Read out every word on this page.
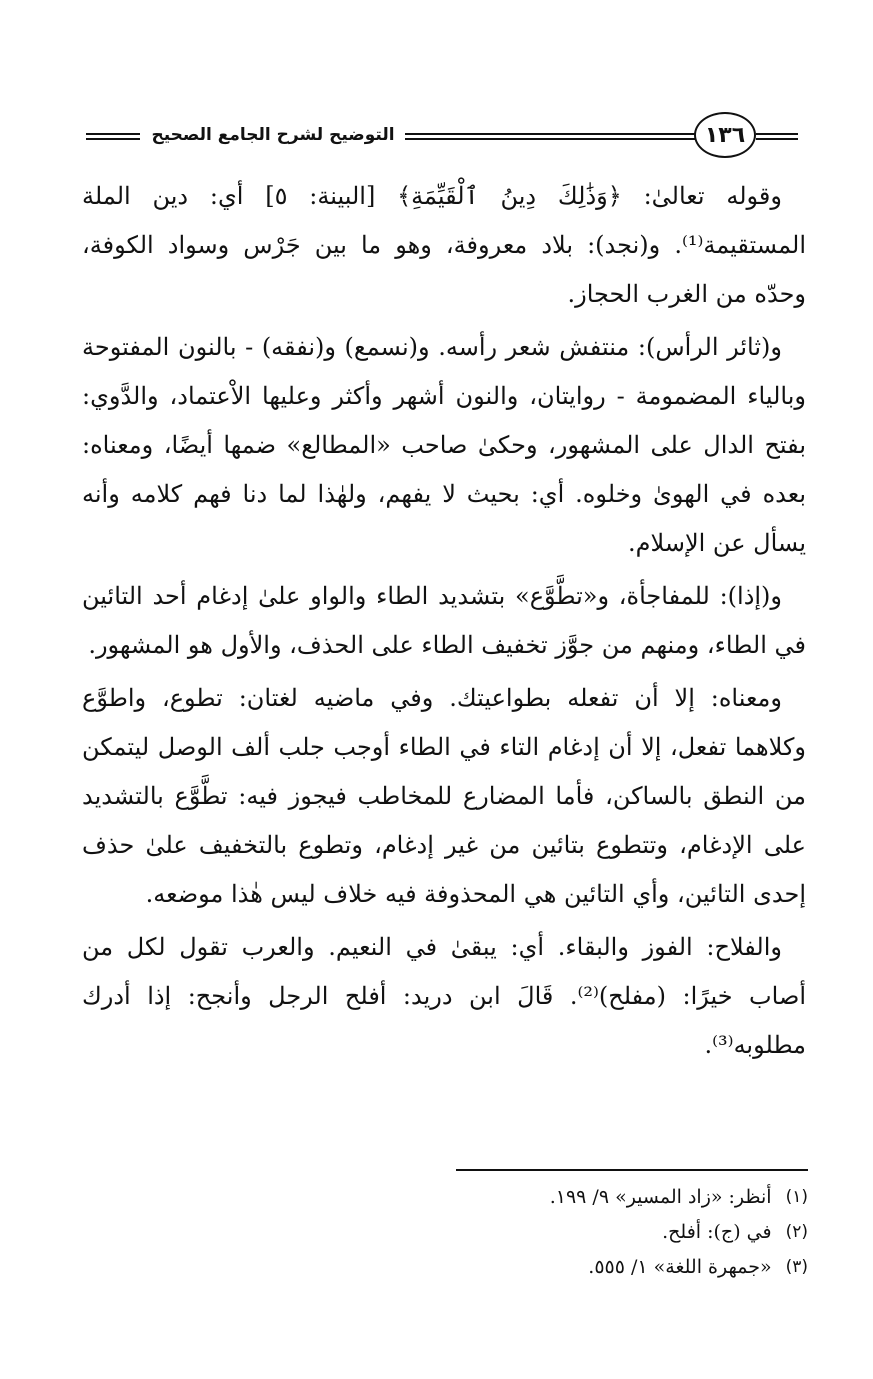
التوضيح لشرح الجامع الصحيح	١٣٦

وقوله تعالىٰ: ﴿وَذَٰلِكَ دِينُ ٱلْقَيِّمَةِ﴾ [البينة: ٥] أي: دين الملة المستقيمة⁽¹⁾. و(نجد): بلاد معروفة، وهو ما بين جَرْس وسواد الكوفة، وحدّه من الغرب الحجاز.

و(ثائر الرأس): منتفش شعر رأسه. و(نسمع) و(نفقه) - بالنون المفتوحة وبالياء المضمومة - روايتان، والنون أشهر وأكثر وعليها الاْعتماد، والدَّوي: بفتح الدال على المشهور، وحكىٰ صاحب «المطالع» ضمها أيضًا، ومعناه: بعده في الهوىٰ وخلوه. أي: بحيث لا يفهم، ولهٰذا لما دنا فهم كلامه وأنه يسأل عن الإسلام.

و(إذا): للمفاجأة، و«تطَّوَّع» بتشديد الطاء والواو علىٰ إدغام أحد التائين في الطاء، ومنهم من جوَّز تخفيف الطاء على الحذف، والأول هو المشهور.

ومعناه: إلا أن تفعله بطواعيتك. وفي ماضيه لغتان: تطوع، واطوَّع وكلاهما تفعل، إلا أن إدغام التاء في الطاء أوجب جلب ألف الوصل ليتمكن من النطق بالساكن، فأما المضارع للمخاطب فيجوز فيه: تطَّوَّع بالتشديد على الإدغام، وتتطوع بتائين من غير إدغام، وتطوع بالتخفيف علىٰ حذف إحدى التائين، وأي التائين هي المحذوفة فيه خلاف ليس هٰذا موضعه.

والفلاح: الفوز والبقاء. أي: يبقىٰ في النعيم. والعرب تقول لكل من أصاب خيرًا: (مفلح)⁽²⁾. قَالَ ابن دريد: أفلح الرجل وأنجح: إذا أدرك مطلوبه⁽³⁾.

(١)
أنظر: «زاد المسير» ٩/ ١٩٩.
(٢)
في (ج): أفلح.
(٣)
«جمهرة اللغة» ١/ ٥٥٥.
